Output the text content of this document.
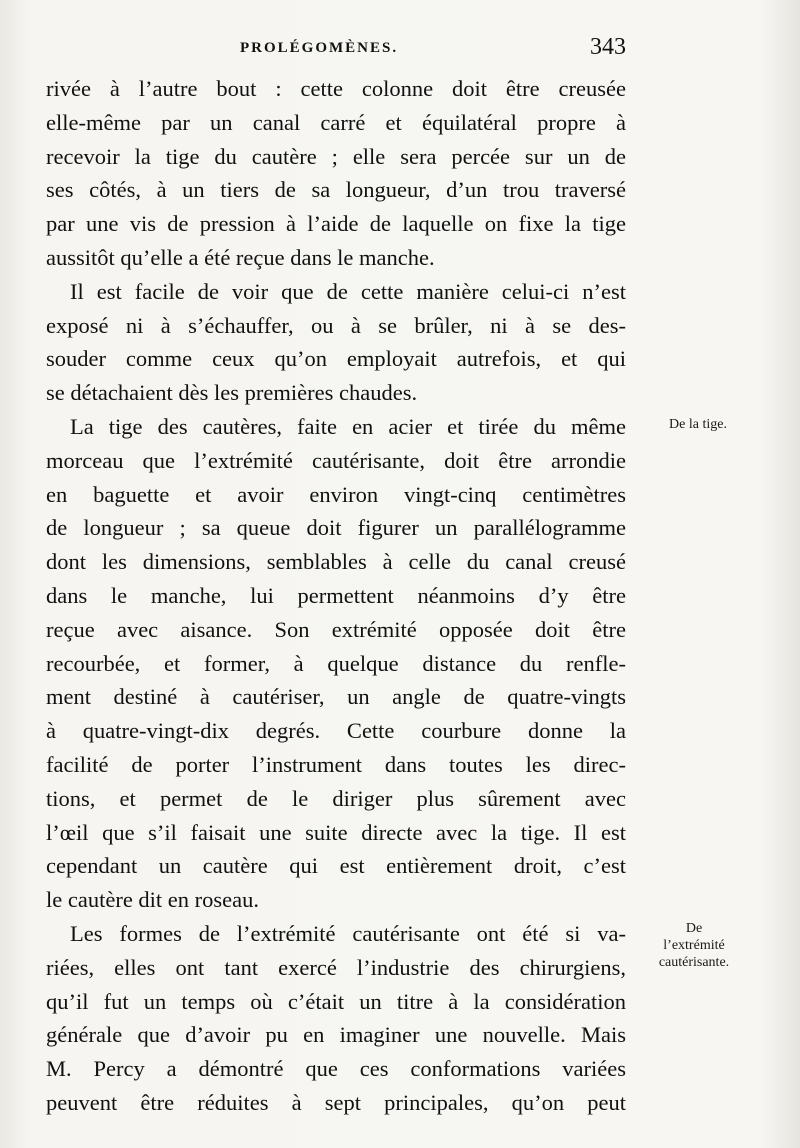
PROLÉGOMÈNES.	343
rivée à l’autre bout : cette colonne doit être creusée
elle-même par un canal carré et équilatéral propre à
recevoir la tige du cautère ; elle sera percée sur un de
ses côtés, à un tiers de sa longueur, d’un trou traversé
par une vis de pression à l’aide de laquelle on fixe la tige
aussitôt qu’elle a été reçue dans le manche.
Il est facile de voir que de cette manière celui-ci n’est
exposé ni à s’échauffer, ou à se brûler, ni à se des-
souder comme ceux qu’on employait autrefois, et qui
se détachaient dès les premières chaudes.
La tige des cautères, faite en acier et tirée du même
morceau que l’extrémité cautérisante, doit être arrondie
en baguette et avoir environ vingt-cinq centimètres
de longueur ; sa queue doit figurer un parallélogramme
dont les dimensions, semblables à celle du canal creusé
dans le manche, lui permettent néanmoins d’y être
reçue avec aisance. Son extrémité opposée doit être
recourbée, et former, à quelque distance du renfle-
ment destiné à cautériser, un angle de quatre-vingts
à quatre-vingt-dix degrés. Cette courbure donne la
facilité de porter l’instrument dans toutes les direc-
tions, et permet de le diriger plus sûrement avec
l’œil que s’il faisait une suite directe avec la tige. Il est
cependant un cautère qui est entièrement droit, c’est
le cautère dit en roseau.
Les formes de l’extrémité cautérisante ont été si va-
riées, elles ont tant exercé l’industrie des chirurgiens,
qu’il fut un temps où c’était un titre à la considération
générale que d’avoir pu en imaginer une nouvelle. Mais
M. Percy a démontré que ces conformations variées
peuvent être réduites à sept principales, qu’on peut
De la tige.
De
l’extrémité
cautérisante.
